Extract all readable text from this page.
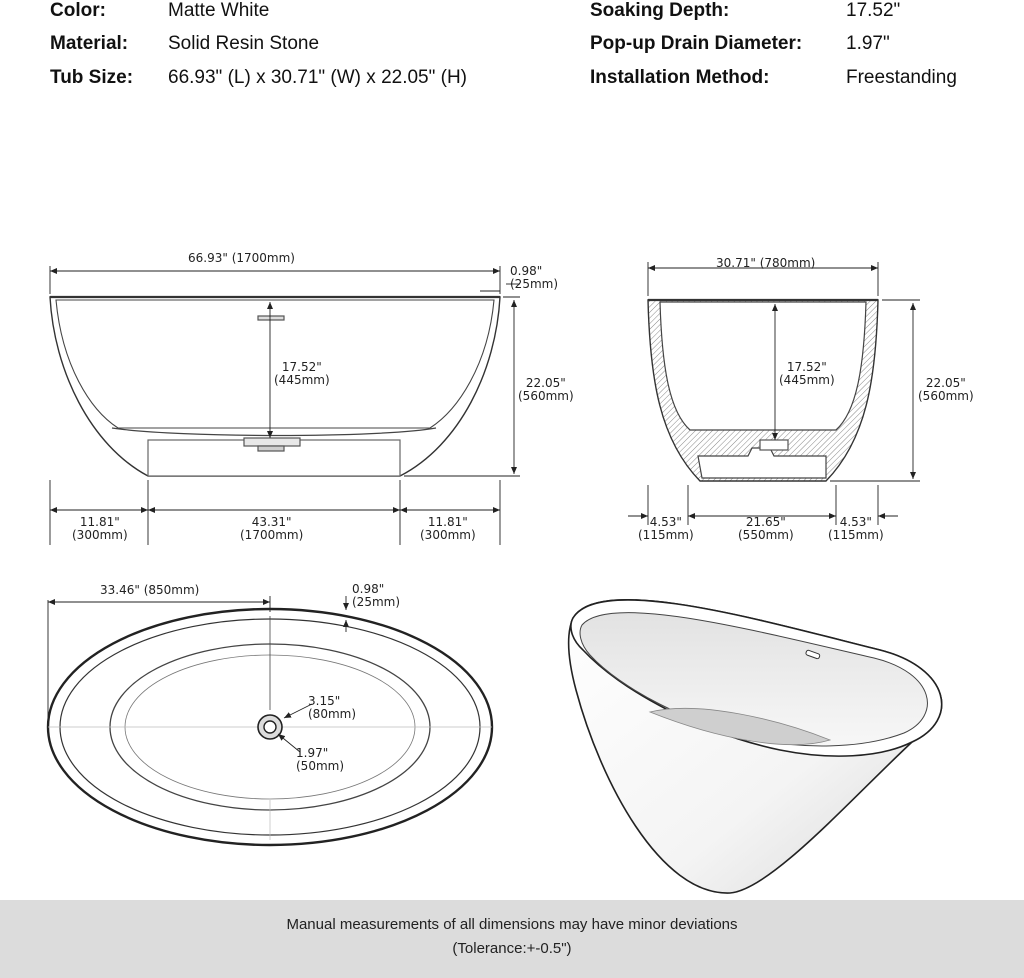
Color:	Matte White
Material: Solid Resin Stone
Tub Size: 66.93" (L) x 30.71" (W) x 22.05" (H)
Soaking Depth:	17.52"
Pop-up Drain Diameter: 1.97"
Installation Method:	Freestanding
66.93" (1700mm)
0.98"
(25mm)
17.52"
(445mm)	22.05"
(560mm)
11.81"
(300mm)
43.31"
(1700mm)
11.81"
(300mm)
30.71" (780mm)
17.52"
(445mm)	22.05"
(560mm)
4.53"
(115mm)
21.65"
(550mm)
4.53"
(115mm)
33.46" (850mm)	0.98"
(25mm)
3.15"
(80mm)
1.97"
(50mm)
Manual measurements of all dimensions may have minor deviations
(Tolerance:+-0.5")
